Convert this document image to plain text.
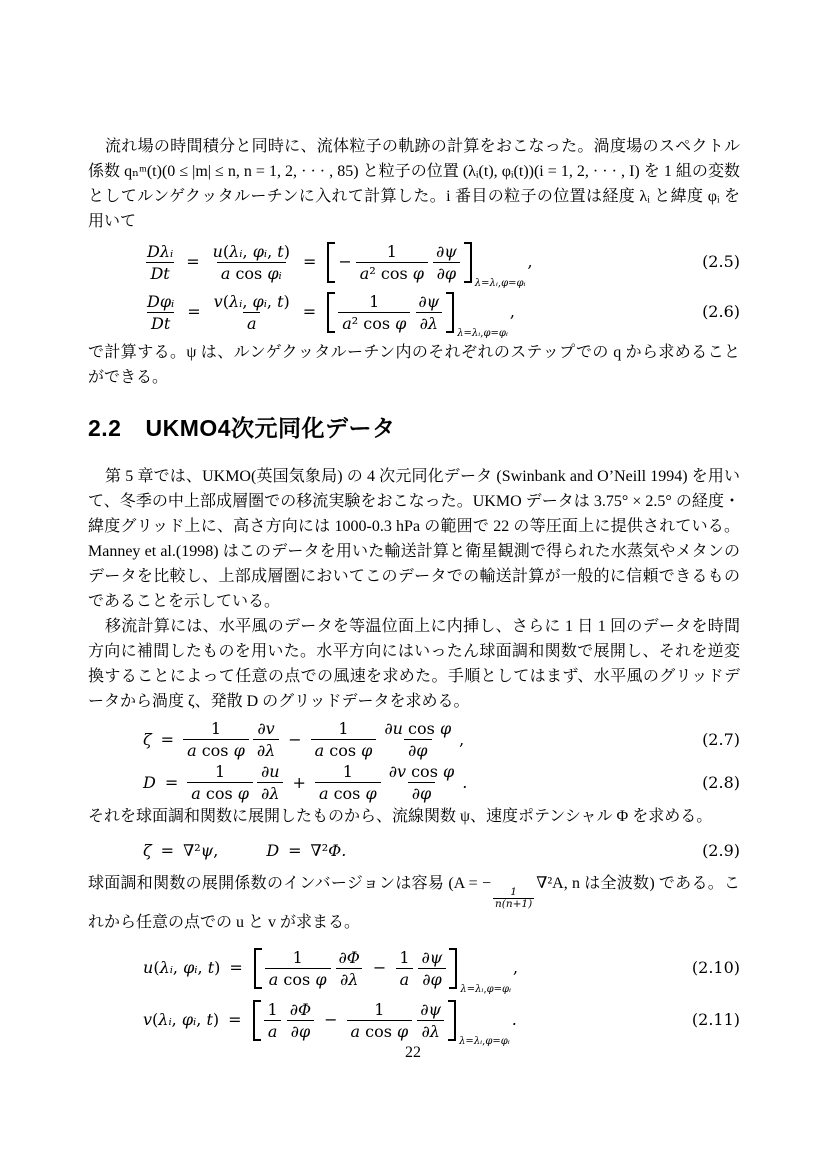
流れ場の時間積分と同時に、流体粒子の軌跡の計算をおこなった。渦度場のスペクトル係数 qₙᵐ(t)(0 ≤ |m| ≤ n, n = 1, 2, · · · , 85) と粒子の位置 (λᵢ(t), φᵢ(t))(i = 1, 2, · · · , I) を 1 組の変数としてルンゲクッタルーチンに入れて計算した。i 番目の粒子の位置は経度 λᵢ と緯度 φᵢ を用いて

$\frac{\text{Dλᵢ}}{Dt} = \frac{\text{u(λᵢ, φᵢ, t)}}{\text{a cos φᵢ}}$ = − $\frac{1}{\text{a² cos φ}} \frac{\partial\psi}{\partial\varphi}$ λ=λᵢ,φ=φᵢ
,	(2.5)
$\frac{\text{Dφᵢ}}{Dt} = \frac{\text{v(λᵢ, φᵢ, t)}}{a} = \frac{1}{\text{a² cos φ}} \frac{\partial\psi}{\partial\lambda}$ λ=λᵢ,φ=φᵢ
,	(2.6)

で計算する。ψ は、ルンゲクッタルーチン内のそれぞれのステップでの q から求めることができる。

2.2 UKMO4次元同化データ

第 5 章では、UKMO(英国気象局) の 4 次元同化データ (Swinbank and O’Neill 1994) を用いて、冬季の中上部成層圏での移流実験をおこなった。UKMO データは 3.75° × 2.5° の経度・緯度グリッド上に、高さ方向には 1000-0.3 hPa の範囲で 22 の等圧面上に提供されている。Manney et al.(1998) はこのデータを用いた輸送計算と衛星観測で得られた水蒸気やメタンのデータを比較し、上部成層圏においてこのデータでの輸送計算が一般的に信頼できるものであることを示している。

移流計算には、水平風のデータを等温位面上に内挿し、さらに 1 日 1 回のデータを時間方向に補間したものを用いた。水平方向にはいったん球面調和関数で展開し、それを逆変換することによって任意の点での風速を求めた。手順としてはまず、水平風のグリッドデータから渦度 ζ、発散 D のグリッドデータを求める。

$\zeta = \frac{1}{\text{a cos φ}} \frac{\partial v}{\partial\lambda} - \frac{1}{\text{a cos φ}} \frac{\text{∂u cos φ}}{\partial\varphi}$ ,	(2.7)
$D = \frac{1}{\text{a cos φ}} \frac{\partial u}{\partial\lambda} + \frac{1}{\text{a cos φ}} \frac{\text{∂v cos φ}}{\partial\varphi}$ .	(2.8)

それを球面調和関数に展開したものから、流線関数 ψ、速度ポテンシャル Φ を求める。

ζ = ∇²ψ,	D = ∇²Φ.	(2.9)

球面調和関数の展開係数のインバージョンは容易 (A = −
$\frac{1}{n(n+1)}$
∇²A, n は全波数) である。これから任意の点での u と v が求まる。

u(λᵢ, φᵢ, $t) = \frac{1}{\text{a cos φ}} \frac{\partial\Phi}{\partial\lambda} - \frac{1}{a} \frac{\partial\psi}{\partial\varphi}$ λ=λᵢ,φ=φᵢ
,	(2.10)
v(λᵢ, φᵢ, $t) = \frac{1}{a} \frac{\partial\Phi}{\partial\varphi} - \frac{1}{\text{a cos φ}} \frac{\partial\psi}{\partial\lambda}$ λ=λᵢ,φ=φᵢ
.	(2.11)
22
